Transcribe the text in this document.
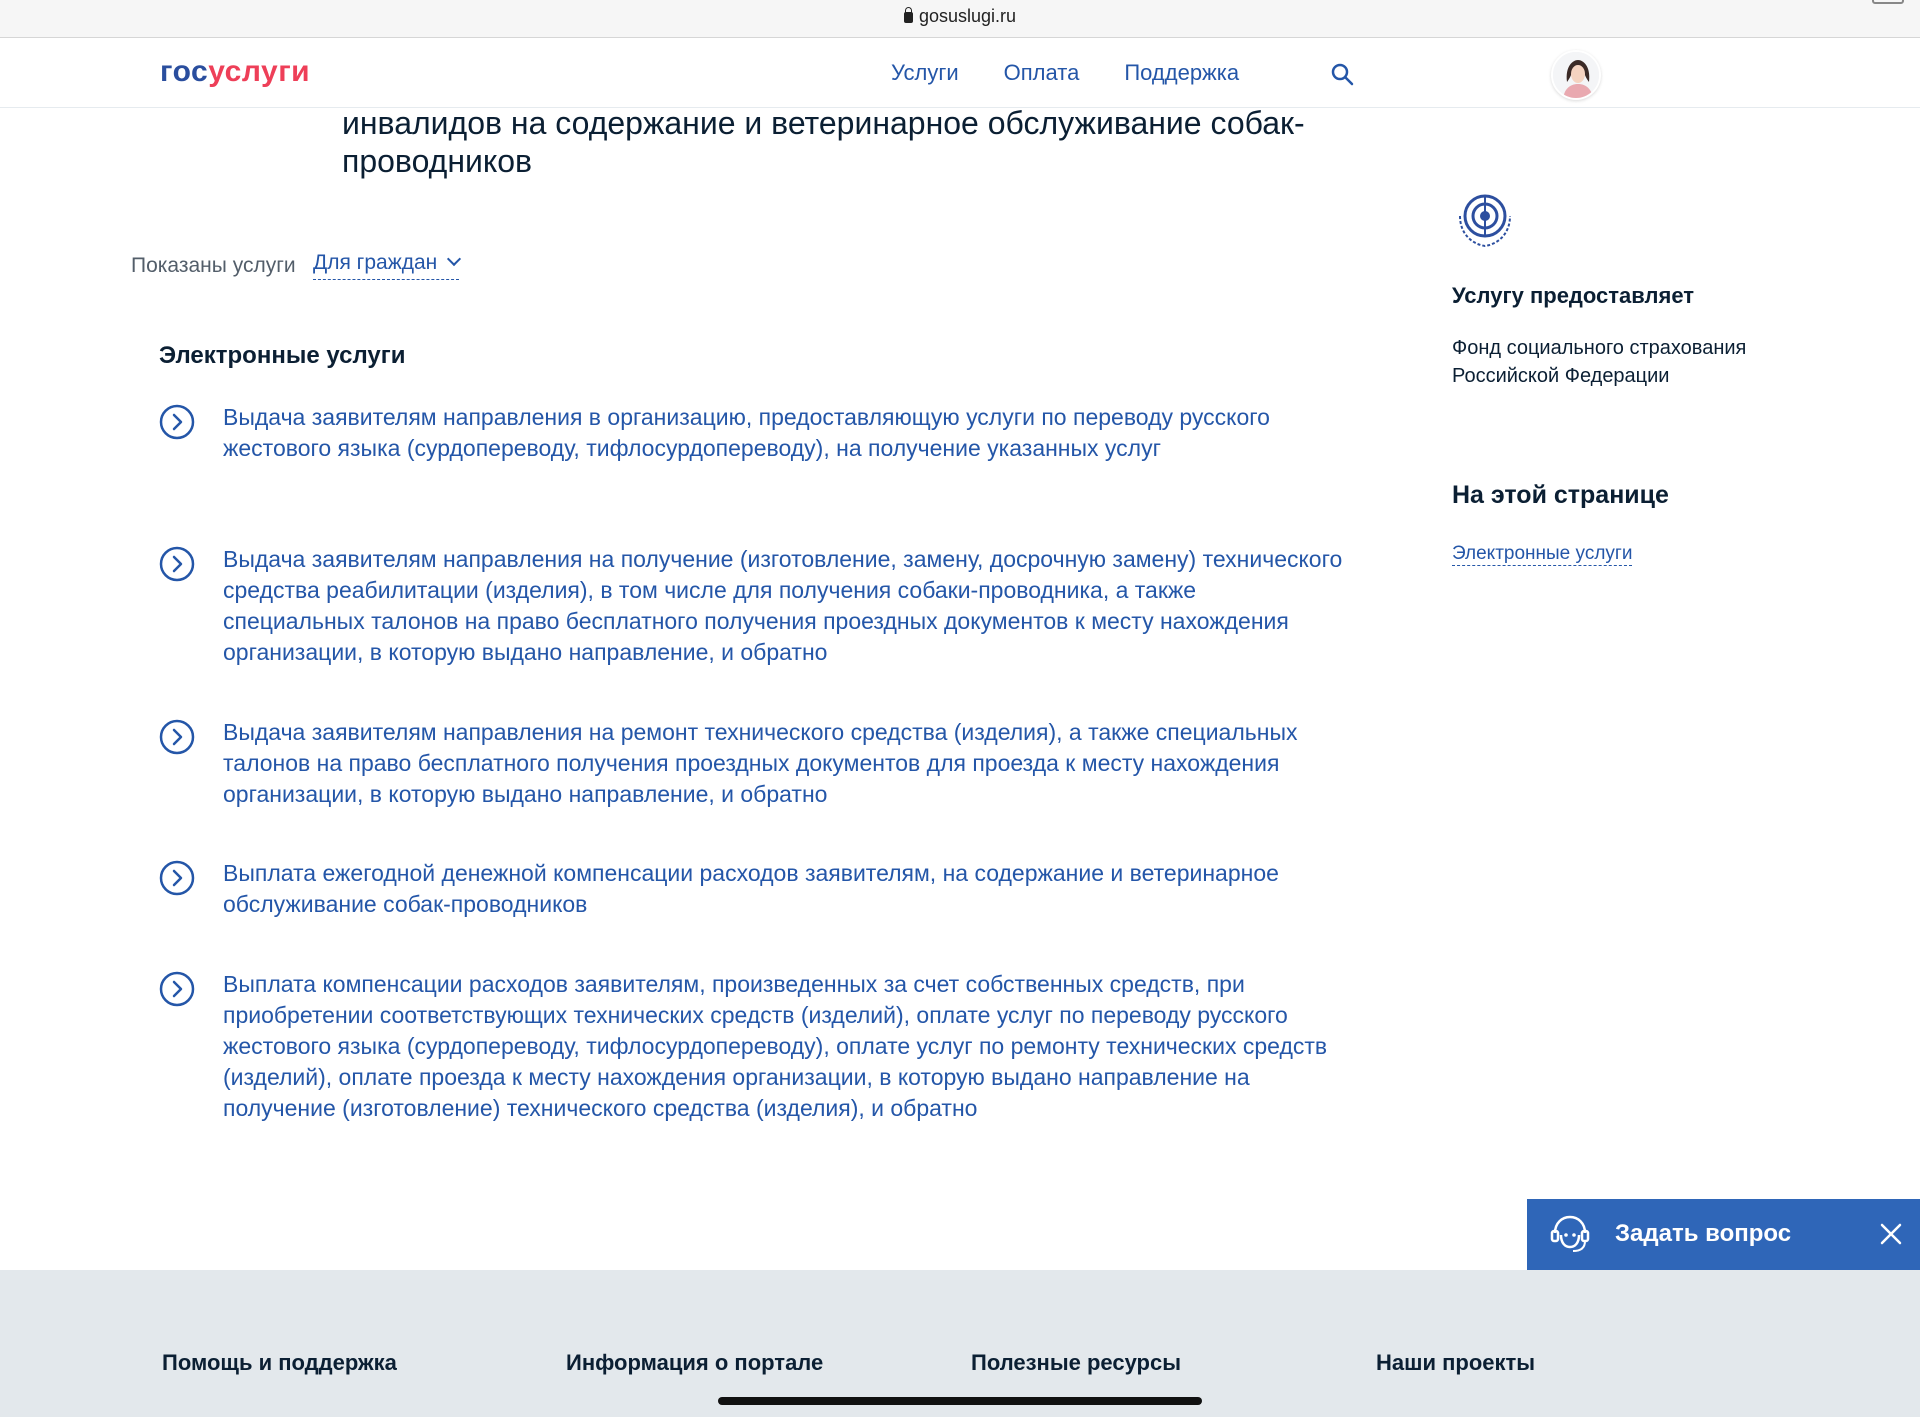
gosuslugi.ru
госуслуги	Услуги Оплата Поддержка
инвалидов на содержание и ветеринарное обслуживание собак-
проводников
Показаны услуги Для граждан
Электронные услуги
Выдача заявителям направления в организацию, предоставляющую услуги по переводу русского жестового языка (сурдопереводу, тифлосурдопереводу), на получение указанных услуг
Выдача заявителям направления на получение (изготовление, замену, досрочную замену) технического средства реабилитации (изделия), в том числе для получения собаки-проводника, а также специальных талонов на право бесплатного получения проездных документов к месту нахождения организации, в которую выдано направление, и обратно
Выдача заявителям направления на ремонт технического средства (изделия), а также специальных талонов на право бесплатного получения проездных документов для проезда к месту нахождения организации, в которую выдано направление, и обратно
Выплата ежегодной денежной компенсации расходов заявителям, на содержание и ветеринарное обслуживание собак-проводников
Выплата компенсации расходов заявителям, произведенных за счет собственных средств, при приобретении соответствующих технических средств (изделий), оплате услуг по переводу русского жестового языка (сурдопереводу, тифлосурдопереводу), оплате услуг по ремонту технических средств (изделий), оплате проезда к месту нахождения организации, в которую выдано направление на получение (изготовление) технического средства (изделия), и обратно
Услугу предоставляет
Фонд социального страхования Российской Федерации
На этой странице
Электронные услуги
Помощь и поддержка	Информация о портале	Полезные ресурсы	Наши проекты
Задать вопрос
